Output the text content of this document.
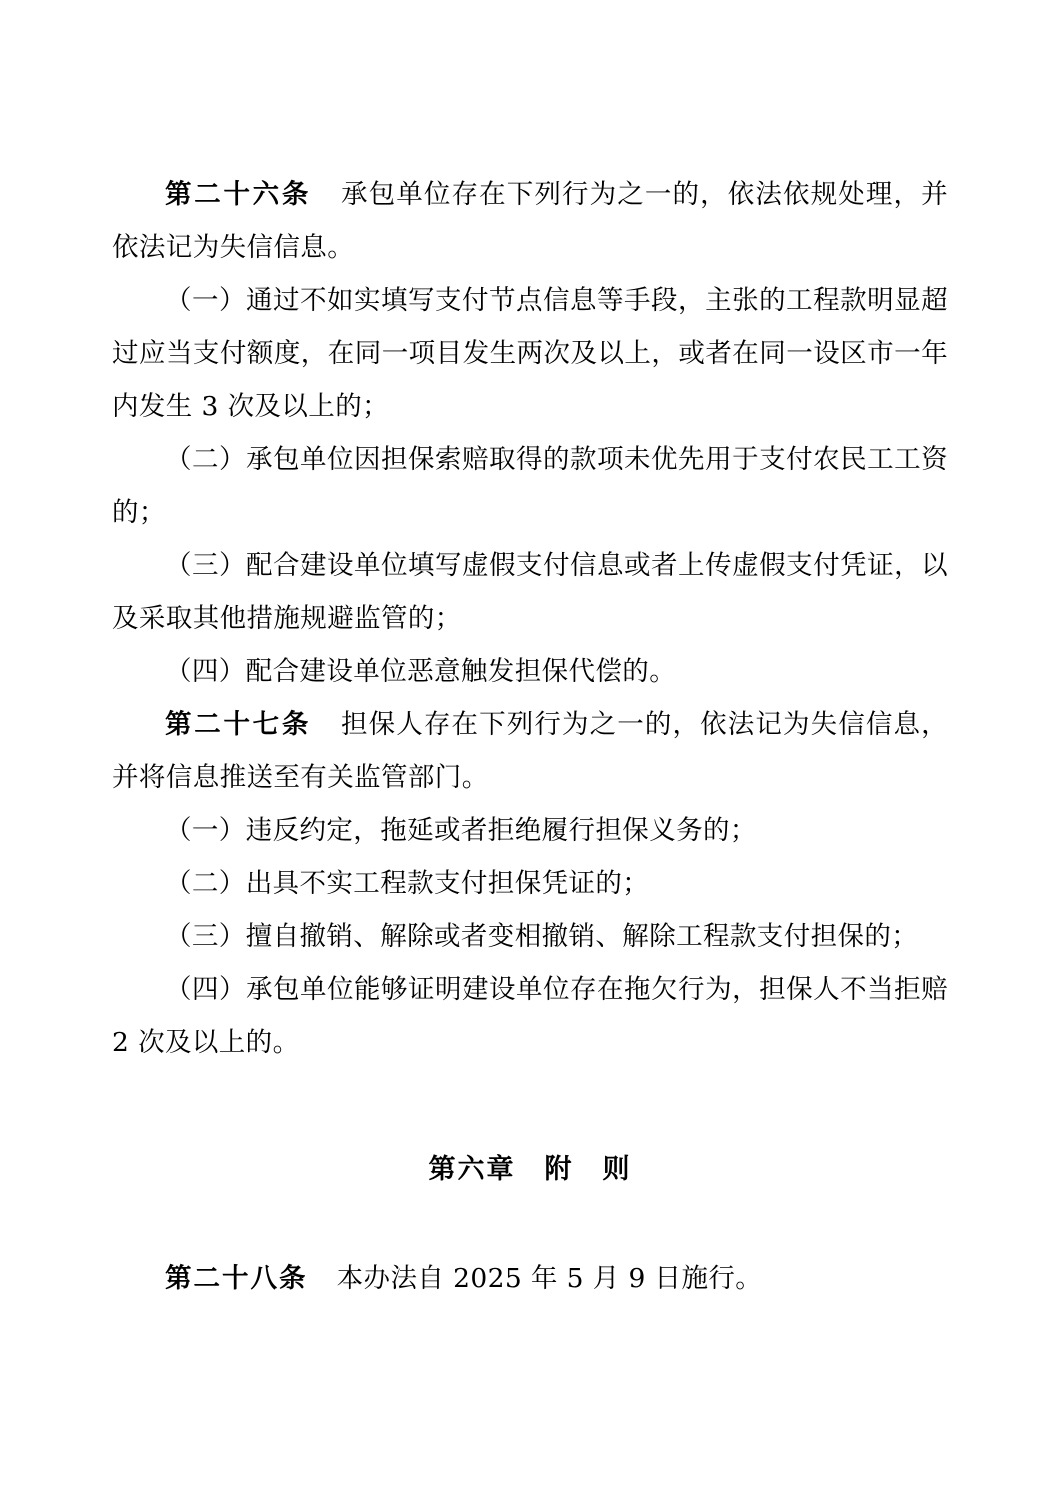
第二十六条 承包单位存在下列行为之一的，依法依规处理，并依法记为失信信息。

（一）通过不如实填写支付节点信息等手段，主张的工程款明显超过应当支付额度，在同一项目发生两次及以上，或者在同一设区市一年内发生 3 次及以上的；

（二）承包单位因担保索赔取得的款项未优先用于支付农民工工资的；

（三）配合建设单位填写虚假支付信息或者上传虚假支付凭证，以及采取其他措施规避监管的；

（四）配合建设单位恶意触发担保代偿的。

第二十七条 担保人存在下列行为之一的，依法记为失信信息，并将信息推送至有关监管部门。

（一）违反约定，拖延或者拒绝履行担保义务的；

（二）出具不实工程款支付担保凭证的；

（三）擅自撤销、解除或者变相撤销、解除工程款支付担保的；

（四）承包单位能够证明建设单位存在拖欠行为，担保人不当拒赔 2 次及以上的。

第六章　附　则

第二十八条 本办法自 2025 年 5 月 9 日施行。
